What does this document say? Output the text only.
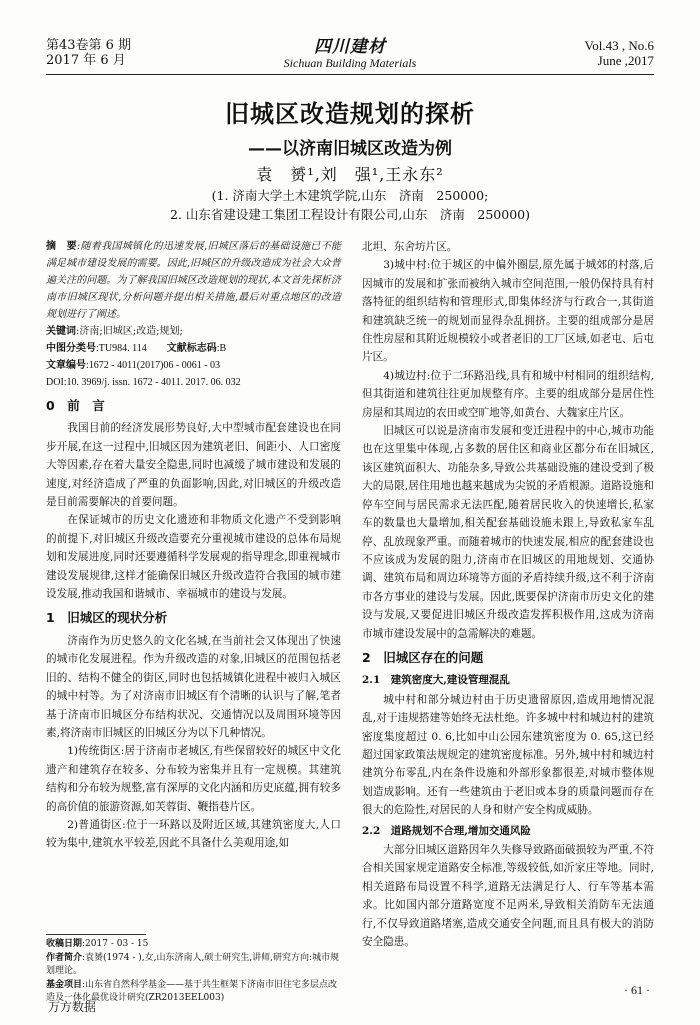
第43卷第 6 期
2017 年 6 月
四川建材
Sichuan Building Materials
Vol.43 , No.6
June ,2017
旧城区改造规划的探析
——以济南旧城区改造为例
袁　赟¹,刘　强¹,王永东²
(1. 济南大学土木建筑学院,山东　济南　250000;
2. 山东省建设建工集团工程设计有限公司,山东　济南　250000)

摘　要:随着我国城镇化的迅速发展,旧城区落后的基础设施已不能满足城市建设发展的需要。因此,旧城区的升级改造成为社会大众普遍关注的问题。为了解我国旧城区改造规划的现状,本文首先探析济南市旧城区现状,分析问题并提出相关措施,最后对重点地区的改造规划进行了阐述。

关键词:济南;旧城区;改造;规划;

中图分类号:TU984. 114   文献标志码:B

文章编号:1672 - 4011(2017)06 - 0061 - 03

DOI:10. 3969/j. issn. 1672 - 4011. 2017. 06. 032

0　前　言

我国目前的经济发展形势良好,大中型城市配套建设也在同步开展,在这一过程中,旧城区因为建筑老旧、间距小、人口密度大等因素,存在着大量安全隐患,同时也减缓了城市建设和发展的速度,对经济造成了严重的负面影响,因此,对旧城区的升级改造是目前需要解决的首要问题。

在保证城市的历史文化遗迹和非物质文化遗产不受到影响的前提下,对旧城区升级改造要充分重视城市建设的总体布局规划和发展进度,同时还要遵循科学发展观的指导理念,即重视城市建设发展规律,这样才能确保旧城区升级改造符合我国的城市建设发展,推动我国和谐城市、幸福城市的建设与发展。

1　旧城区的现状分析

济南作为历史悠久的文化名城,在当前社会又体现出了快速的城市化发展进程。作为升级改造的对象,旧城区的范围包括老旧的、结构不健全的街区,同时也包括城镇化进程中被归入城区的城中村等。为了对济南市旧城区有个清晰的认识与了解,笔者基于济南市旧城区分布结构状况、交通情况以及周围环境等因素,将济南市旧城区的旧城区分为以下几种情况。

1)传统街区:居于济南市老城区,有些保留较好的城区中文化遗产和建筑存在较多、分布较为密集并且有一定规模。其建筑结构和分布较为规整,富有深厚的文化内涵和历史底蕴,拥有较多的高价值的旅游资源,如芙蓉街、鞭指巷片区。

2)普通街区:位于一环路以及附近区域,其建筑密度大,人口较为集中,建筑水平较差,因此不具备什么美观用途,如

北坦、东舍坊片区。

3)城中村:位于城区的中偏外圈层,原先属于城郊的村落,后因城市的发展和扩张而被纳入城市空间范围,一般仍保持具有村落特征的组织结构和管理形式,即集体经济与行政合一,其街道和建筑缺乏统一的规划而显得杂乱拥挤。主要的组成部分是居住性房屋和其附近规模较小或者老旧的工厂区域,如老屯、后屯片区。

4)城边村:位于二环路沿线,具有和城中村相同的组织结构,但其街道和建筑往往更加规整有序。主要的组成部分是居住性房屋和其周边的农田或空旷地等,如黄台、大魏家庄片区。

旧城区可以说是济南市发展和变迁进程中的中心,城市功能也在这里集中体现,占多数的居住区和商业区都分布在旧城区,该区建筑面积大、功能杂多,导致公共基础设施的建设受到了极大的局限,居住用地也越来越成为尖锐的矛盾根源。道路设施和停车空间与居民需求无法匹配,随着居民收入的快速增长,私家车的数量也大量增加,相关配套基础设施未跟上,导致私家车乱停、乱放现象严重。而随着城市的快速发展,相应的配套建设也不应该成为发展的阻力,济南市在旧城区的用地规划、交通协调、建筑布局和周边环境等方面的矛盾持续升级,这不利于济南市各方事业的建设与发展。因此,既要保护济南市历史文化的建设与发展,又要促进旧城区升级改造发挥积极作用,这成为济南市城市建设发展中的急需解决的难题。

2　旧城区存在的问题
2.1　建筑密度大,建设管理混乱

城中村和部分城边村由于历史遗留原因,造成用地情况混乱,对于违规搭建等始终无法杜绝。许多城中村和城边村的建筑密度集度超过 0. 6,比如中山公园东建筑密度为 0. 65,这已经超过国家政策法规规定的建筑密度标准。另外,城中村和城边村建筑分布零乱,内在条件设施和外部形象都很差,对城市整体规划造成影响。还有一些建筑由于老旧或本身的质量问题而存在很大的危险性,对居民的人身和财产安全构成威胁。

2.2　道路规划不合理,增加交通风险

大部分旧城区道路因年久失修导致路面破损较为严重,不符合相关国家规定道路安全标准,等级较低,如沂家庄等地。同时,相关道路布局设置不科学,道路无法满足行人、行车等基本需求。比如国内部分道路宽度不足两米,导致相关消防车无法通行,不仅导致道路堵塞,造成交通安全问题,而且具有极大的消防安全隐患。

收稿日期:2017 - 03 - 15

作者简介:袁赟(1974 - ),女,山东济南人,硕士研究生,讲师,研究方向:城市规划理论。

基金项目:山东省自然科学基金——基于共生框架下济南市旧住宅多层点改造及一体化最优设计研究(ZR2013EEL003)

· 61 ·
万方数据
